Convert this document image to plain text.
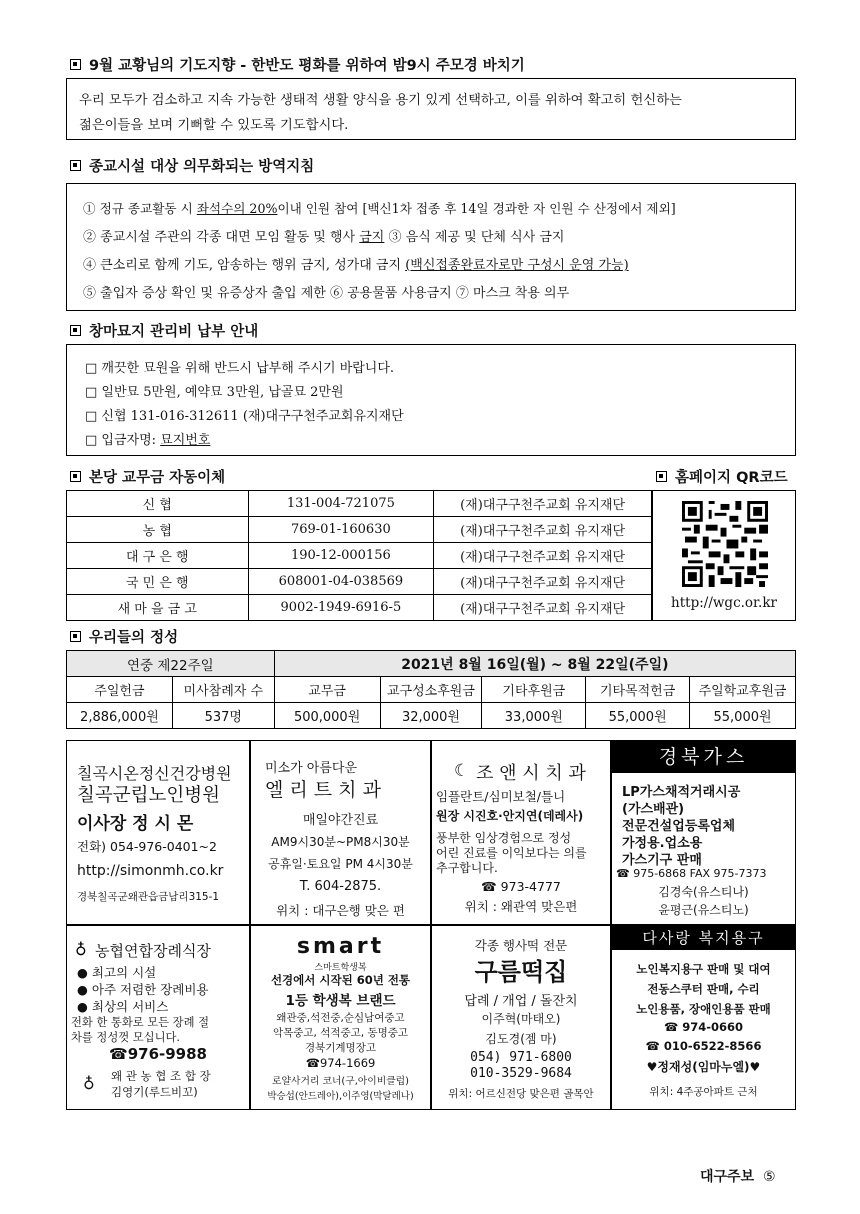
9월 교황님의 기도지향 - 한반도 평화를 위하여 밤9시 주모경 바치기
우리 모두가 검소하고 지속 가능한 생태적 생활 양식을 용기 있게 선택하고, 이를 위하여 확고히 헌신하는
젊은이들을 보며 기뻐할 수 있도록 기도합시다.
종교시설 대상 의무화되는 방역지침
① 정규 종교활동 시 좌석수의 20%이내 인원 참여 [백신1차 접종 후 14일 경과한 자 인원 수 산정에서 제외]
② 종교시설 주관의 각종 대면 모임 활동 및 행사 금지 ③ 음식 제공 및 단체 식사 금지
④ 큰소리로 함께 기도, 암송하는 행위 금지, 성가대 금지 (백신접종완료자로만 구성시 운영 가능)
⑤ 출입자 증상 확인 및 유증상자 출입 제한 ⑥ 공용물품 사용금지 ⑦ 마스크 착용 의무
창마묘지 관리비 납부 안내
□ 깨끗한 묘원을 위해 반드시 납부해 주시기 바랍니다.
□ 일반묘 5만원, 예약묘 3만원, 납골묘 2만원
□ 신협 131-016-312611 (재)대구구천주교회유지재단
□ 입금자명: 묘지번호
본당 교무금 자동이체	홈페이지 QR코드
신 협	131-004-721075	(재)대구구천주교회 유지재단
농 협	769-01-160630	(재)대구구천주교회 유지재단
대 구 은 행	190-12-000156	(재)대구구천주교회 유지재단
국 민 은 행	608001-04-038569	(재)대구구천주교회 유지재단
새 마 을 금 고	9002-1949-6916-5	(재)대구구천주교회 유지재단	http://wgc.or.kr
우리들의 정성
연중 제22주일		2021년 8월 16일(월) ~ 8월 22일(주일)				
주일헌금	미사참례자 수	교무금	교구성소후원금	기타후원금	기타목적헌금	주일학교후원금
2,886,000원	537명	500,000원	32,000원	33,000원	55,000원	55,000원
칠곡시온정신건강병원
칠곡군립노인병원
이사장 정 시 몬
전화) 054-976-0401~2
http://simonmh.co.kr
경북칠곡군왜관읍금남리315-1
미소가 아름다운
엘 리 트 치 과
매일야간진료
AM9시30분~PM8시30분
공휴일·토요일 PM 4시30분
T. 604-2875.
위치 : 대구은행 맞은 편
☾ 조 앤 시 치 과
임플란트/심미보철/틀니
원장 시진호·안지연(데레사)
풍부한 임상경험으로 정성
어린 진료를 이익보다는 의를
추구합니다.
☎ 973-4777
위치 : 왜관역 맞은편
경북가스
LP가스채적거래시공
(가스배관)
전문건설업등록업체
가정용.업소용
가스기구 판매
☎ 975-6868 FAX 975-7373
김경숙(유스티나)
윤평근(유스티노)
♁ 농협연합장례식장
● 최고의 시설
● 아주 저렴한 장례비용
● 최상의 서비스
전화 한 통화로 모든 장례 절
차를 정성껏 모십니다.
☎976-9988
♁ 왜 관 농 협 조 합 장
김영기(루드비꼬)
smart
스마트학생복
선경에서 시작된 60년 전통
1등 학생복 브랜드
왜관중,석전중,순심남여중고
악목중고, 석적중고, 동명중고
경북기계명장고
☎974-1669
로얄사거리 코너(구,아이비클럽)
박승섭(안드레아),이주영(막달레나)
각종 행사떡 전문
구름떡집
답례 / 개업 / 돌잔치
이주혁(마태오)
김도경(젬 마)
054) 971-6800
010-3529-9684
위치: 어르신전당 맞은편 골목안
다사랑 복지용구
노인복지용구 판매 및 대여
전동스쿠터 판매, 수리
노인용품, 장애인용품 판매
☎ 974-0660
☎ 010-6522-8566
♥정재성(임마누엘)♥
위치: 4주공아파트 근처
대구주보 ⑤
